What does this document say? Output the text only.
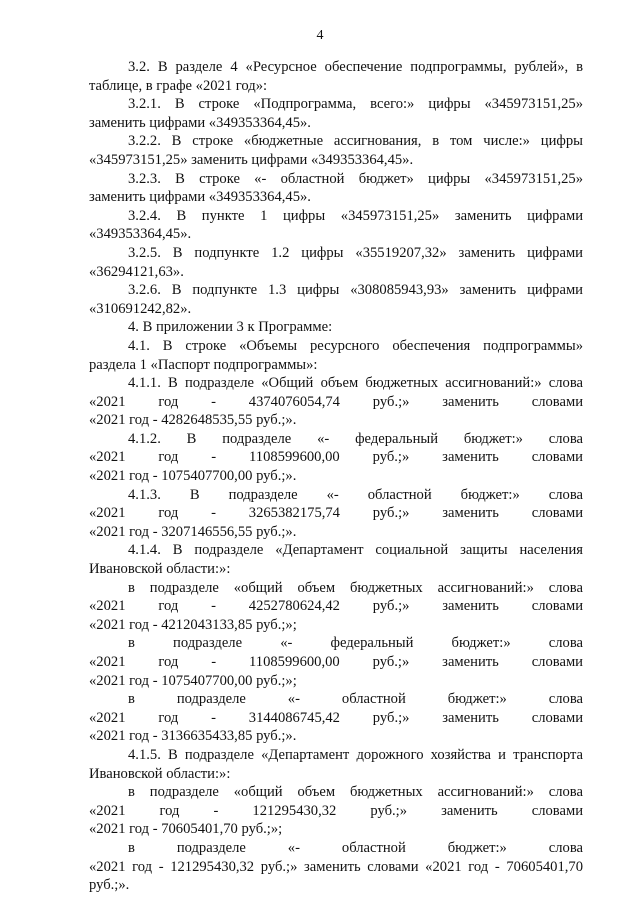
4
3.2. В разделе 4 «Ресурсное обеспечение подпрограммы, рублей», в
таблице, в графе «2021 год»:
3.2.1. В строке «Подпрограмма, всего:» цифры «345973151,25»
заменить цифрами «349353364,45».
3.2.2. В строке «бюджетные ассигнования, в том числе:» цифры
«345973151,25» заменить цифрами «349353364,45».
3.2.3. В строке «- областной бюджет» цифры «345973151,25»
заменить цифрами «349353364,45».
3.2.4. В пункте 1 цифры «345973151,25» заменить цифрами
«349353364,45».
3.2.5. В подпункте 1.2 цифры «35519207,32» заменить цифрами
«36294121,63».
3.2.6. В подпункте 1.3 цифры «308085943,93» заменить цифрами
«310691242,82».
4. В приложении 3 к Программе:
4.1. В строке «Объемы ресурсного обеспечения подпрограммы»
раздела 1 «Паспорт подпрограммы»:
4.1.1. В подразделе «Общий объем бюджетных ассигнований:» слова
«2021 год - 4374076054,74 руб.;» заменить словами
«2021 год - 4282648535,55 руб.;».
4.1.2. В подразделе «- федеральный бюджет:» слова
«2021 год - 1108599600,00 руб.;» заменить словами
«2021 год - 1075407700,00 руб.;».
4.1.3. В подразделе «- областной бюджет:» слова
«2021 год - 3265382175,74 руб.;» заменить словами
«2021 год - 3207146556,55 руб.;».
4.1.4. В подразделе «Департамент социальной защиты населения
Ивановской области:»:
в подразделе «общий объем бюджетных ассигнований:» слова
«2021 год - 4252780624,42 руб.;» заменить словами
«2021 год - 4212043133,85 руб.;»;
в подразделе «- федеральный бюджет:» слова
«2021 год - 1108599600,00 руб.;» заменить словами
«2021 год - 1075407700,00 руб.;»;
в подразделе «- областной бюджет:» слова
«2021 год - 3144086745,42 руб.;» заменить словами
«2021 год - 3136635433,85 руб.;».
4.1.5. В подразделе «Департамент дорожного хозяйства и транспорта
Ивановской области:»:
в подразделе «общий объем бюджетных ассигнований:» слова
«2021 год - 121295430,32 руб.;» заменить словами
«2021 год - 70605401,70 руб.;»;
в подразделе «- областной бюджет:» слова
«2021 год - 121295430,32 руб.;» заменить словами «2021 год - 70605401,70
руб.;».
